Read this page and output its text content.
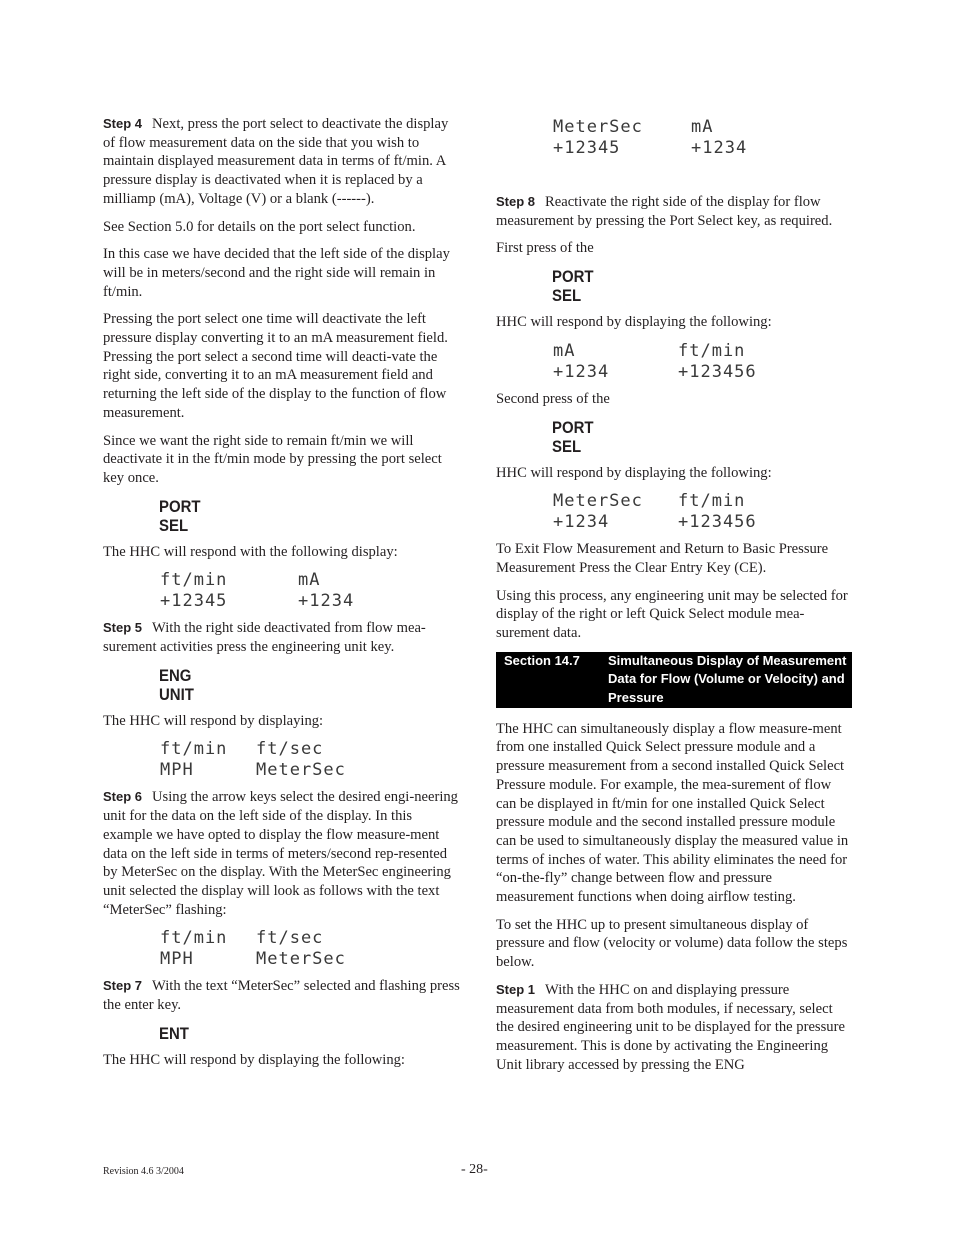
Step 4 Next, press the port select to deactivate the display of flow measurement data on the side that you wish to maintain displayed measurement data in terms of ft/min. A pressure display is deactivated when it is replaced by a milliamp (mA), Voltage (V) or a blank (------).

See Section 5.0 for details on the port select function.

In this case we have decided that the left side of the display will be in meters/second and the right side will remain in ft/min.

Pressing the port select one time will deactivate the left pressure display converting it to an mA measurement field. Pressing the port select a second time will deacti-vate the right side, converting it to an mA measurement field and returning the left side of the display to the function of flow measurement.

Since we want the right side to remain ft/min we will deactivate it in the ft/min mode by pressing the port select key once.

PORT
SEL

The HHC will respond with the following display:

ft/min	mA
+12345	+1234

Step 5 With the right side deactivated from flow mea-surement activities press the engineering unit key.

ENG
UNIT

The HHC will respond by displaying:

ft/min	ft/sec
MPH	MeterSec

Step 6 Using the arrow keys select the desired engi-neering unit for the data on the left side of the display. In this example we have opted to display the flow measure-ment data on the left side in terms of meters/second rep-resented by MeterSec on the display. With the MeterSec engineering unit selected the display will look as follows with the text “MeterSec” flashing:

ft/min	ft/sec
MPH	MeterSec

Step 7 With the text “MeterSec” selected and flashing press the enter key.

ENT

The HHC will respond by displaying the following:

MeterSec	mA
+12345	+1234

Step 8 Reactivate the right side of the display for flow measurement by pressing the Port Select key, as required.

First press of the

PORT
SEL

HHC will respond by displaying the following:

mA	ft/min
+1234	+123456

Second press of the

PORT
SEL

HHC will respond by displaying the following:

MeterSec	ft/min
+1234	+123456

To Exit Flow Measurement and Return to Basic Pressure Measurement Press the Clear Entry Key (CE).

Using this process, any engineering unit may be selected for display of the right or left Quick Select module mea-surement data.

Section 14.7	Simultaneous Display of Measurement Data for Flow (Volume or Velocity) and Pressure

The HHC can simultaneously display a flow measure-ment from one installed Quick Select pressure module and a pressure measurement from a second installed Quick Select Pressure module. For example, the mea-surement of flow can be displayed in ft/min for one installed Quick Select pressure module and the second installed pressure module can be used to simultaneously display the measured value in terms of inches of water. This ability eliminates the need for “on-the-fly” change between flow and pressure measurement functions when doing airflow testing.

To set the HHC up to present simultaneous display of pressure and flow (velocity or volume) data follow the steps below.

Step 1 With the HHC on and displaying pressure measurement data from both modules, if necessary, select the desired engineering unit to be displayed for the pressure measurement. This is done by activating the Engineering Unit library accessed by pressing the ENG

Revision 4.6 3/2004	- 28-
